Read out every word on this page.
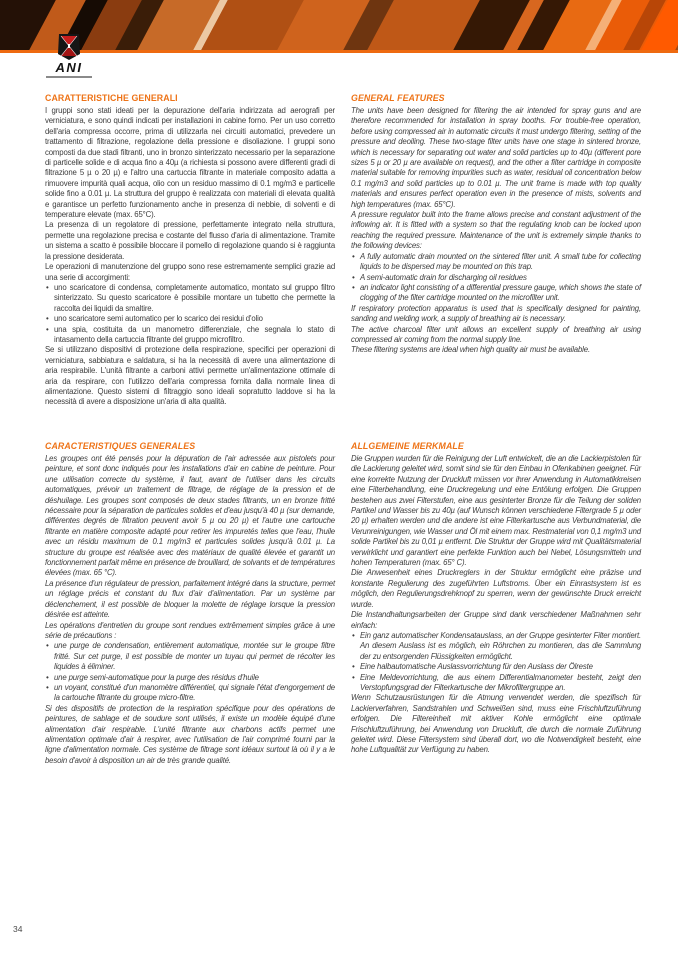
ANI
CARATTERISTICHE GENERALI
I gruppi sono stati ideati per la depurazione dell'aria indirizzata ad aerografi per verniciatura, e sono quindi indicati per installazioni in cabine forno. Per un uso corretto dell'aria compressa occorre, prima di utilizzarla nei circuiti automatici, prevedere un trattamento di filtrazione, regolazione della pressione e disoliazione. I gruppi sono composti da due stadi filtranti, uno in bronzo sinterizzato necessario per la separazione di particelle solide e di acqua fino a 40µ (a richiesta si possono avere differenti gradi di filtrazione 5 µ o 20 µ) e l'altro una cartuccia filtrante in materiale composito adatta a rimuovere impurità quali acqua, olio con un residuo massimo di 0.1 mg/m3 e particelle solide fino a 0.01 µ. La struttura del gruppo è realizzata con materiali di elevata qualità e garantisce un perfetto funzionamento anche in presenza di nebbie, di solventi e di temperature elevate (max. 65°C).
La presenza di un regolatore di pressione, perfettamente integrato nella struttura, permette una regolazione precisa e costante del flusso d'aria di alimentazione. Tramite un sistema a scatto è possibile bloccare il pomello di regolazione quando si è raggiunta la pressione desiderata.
Le operazioni di manutenzione del gruppo sono rese estremamente semplici grazie ad una serie di accorgimenti:
• uno scaricatore di condensa, completamente automatico, montato sul gruppo filtro sinterizzato. Su questo scaricatore è possibile montare un tubetto che permette la raccolta dei liquidi da smaltire.
• uno scaricatore semi automatico per lo scarico dei residui d'olio
• una spia, costituita da un manometro differenziale, che segnala lo stato di intasamento della cartuccia filtrante del gruppo microfiltro.
Se si utilizzano dispositivi di protezione della respirazione, specifici per operazioni di verniciatura, sabbiatura e saldatura, si ha la necessità di avere una alimentazione di aria respirabile. L'unità filtrante a carboni attivi permette un'alimentazione ottimale di aria da respirare, con l'utilizzo dell'aria compressa fornita dalla normale linea di alimentazione. Questo sistemi di filtraggio sono ideali sopratutto laddove si ha la necessità di avere a disposizione un'aria di alta qualità.
GENERAL FEATURES
The units have been designed for filtering the air intended for spray guns and are therefore recommended for installation in spray booths. For trouble-free operation, before using compressed air in automatic circuits it must undergo filtering, setting of the pressure and deoiling. These two-stage filter units have one stage in sintered bronze, which is necessary for separating out water and solid particles up to 40µ (different pore sizes 5 µ or 20 µ are available on request), and the other a filter cartridge in composite material suitable for removing impurities such as water, residual oil concentration below 0.1 mg/m3 and solid particles up to 0.01 µ. The unit frame is made with top quality materials and ensures perfect operation even in the presence of mists, solvents and high temperatures (max. 65°C).
A pressure regulator built into the frame allows precise and constant adjustment of the inflowing air. It is fitted with a system so that the regulating knob can be locked upon reaching the required pressure. Maintenance of the unit is extremely simple thanks to the following devices:
• A fully automatic drain mounted on the sintered filter unit. A small tube for collecting liquids to be dispersed may be mounted on this trap.
• A semi-automatic drain for discharging oil residues
• an indicator light consisting of a differential pressure gauge, which shows the state of clogging of the filter cartridge mounted on the microfilter unit.
If respiratory protection apparatus is used that is specifically designed for painting, sanding and welding work, a supply of breathing air is necessary.
The active charcoal filter unit allows an excellent supply of breathing air using compressed air coming from the normal supply line.
These filtering systems are ideal when high quality air must be available.
CARACTERISTIQUES GENERALES
Les groupes ont été pensés pour la dépuration de l'air adressée aux pistolets pour peinture, et sont donc indiqués pour les installations d'air en cabine de peinture. Pour une utilisation correcte du système, il faut, avant de l'utiliser dans les circuits automatiques, prévoir un traitement de filtrage, de réglage de la pression et de déshuilage. Les groupes sont composés de deux stades filtrants, un en bronze fritté nécessaire pour la séparation de particules solides et d'eau jusqu'à 40 µ (sur demande, différentes degrés de filtration peuvent avoir 5 µ ou 20 µ) et l'autre une cartouche filtrante en matière composite adapté pour retirer les impuretés telles que l'eau, l'huile avec un résidu maximum de 0.1 mg/m3 et particules solides jusqu'à 0.01 µ. La structure du groupe est réalisée avec des matériaux de qualité élevée et garantit un fonctionnement parfait même en présence de brouillard, de solvants et de températures élevées (max. 65 °C).
La présence d'un régulateur de pression, parfaitement intégré dans la structure, permet un réglage précis et constant du flux d'air d'alimentation. Par un système par déclenchement, il est possible de bloquer la molette de réglage lorsque la pression désirée est atteinte.
Les opérations d'entretien du groupe sont rendues extrêmement simples grâce à une série de précautions :
• une purge de condensation, entièrement automatique, montée sur le groupe filtre fritté. Sur cet purge, il est possible de monter un tuyau qui permet de récolter les liquides à éliminer.
• une purge semi-automatique pour la purge des résidus d'huile
• un voyant, constitué d'un manomètre différentiel, qui signale l'état d'engorgement de la cartouche filtrante du groupe micro-filtre.
Si des dispositifs de protection de la respiration spécifique pour des opérations de peintures, de sablage et de soudure sont utilisés, il existe un modèle équipé d'une alimentation d'air respirable. L'unité filtrante aux charbons actifs permet une alimentation optimale d'air à respirer, avec l'utilisation de l'air comprimé fourni par la ligne d'alimentation normale. Ces système de filtrage sont idéaux surtout là où il y a le besoin d'avoir à disposition un air de très grande qualité.
ALLGEMEINE MERKMALE
Die Gruppen wurden für die Reinigung der Luft entwickelt, die an die Lackierpistolen für die Lackierung geleitet wird, somit sind sie für den Einbau in Ofenkabinen geeignet. Für eine korrekte Nutzung der Druckluft müssen vor ihrer Anwendung in Automatikkreisen eine Filterbehandlung, eine Druckregelung und eine Entölung erfolgen. Die Gruppen bestehen aus zwei Filterstufen, eine aus gesinterter Bronze für die Teilung der soliden Partikel und Wasser bis zu 40µ (auf Wunsch können verschiedene Filtergrade 5 µ oder 20 µ) erhalten werden und die andere ist eine Filterkartusche aus Verbundmaterial, die Verunreinigungen, wie Wasser und Öl mit einem max. Restmaterial von 0,1 mg/m3 und solide Partikel bis zu 0,01 µ entfernt. Die Struktur der Gruppe wird mit Qualitätsmaterial verwirklicht und garantiert eine perfekte Funktion auch bei Nebel, Lösungsmitteln und hohen Temperaturen (max. 65° C).
Die Anwesenheit eines Druckreglers in der Struktur ermöglicht eine präzise und konstante Regulierung des zugeführten Luftstroms. Über ein Einrastsystem ist es möglich, den Regulierungsdrehknopf zu sperren, wenn der gewünschte Druck erreicht wurde.
Die Instandhaltungsarbeiten der Gruppe sind dank verschiedener Maßnahmen sehr einfach:
• Ein ganz automatischer Kondensatauslass, an der Gruppe gesinterter Filter montiert. An diesem Auslass ist es möglich, ein Röhrchen zu montieren, das die Sammlung der zu entsorgenden Flüssigkeiten ermöglicht.
• Eine halbautomatische Auslassvorrichtung für den Auslass der Ölreste
• Eine Meldevorrichtung, die aus einem Differentialmanometer besteht, zeigt den Verstopfungsgrad der Filterkartusche der Mikrofiltergruppe an.
Wenn Schutzausrüstungen für die Atmung verwendet werden, die spezifisch für Lackierverfahren, Sandstrahlen und Schweißen sind, muss eine Frischluftzuführung erfolgen. Die Filtereinheit mit aktiver Kohle ermöglicht eine optimale Frischluftzuführung, bei Anwendung von Druckluft, die durch die normale Zuführung geleitet wird. Diese Filtersystem sind überall dort, wo die Notwendigkeit besteht, eine hohe Luftqualität zur Verfügung zu haben.
34
